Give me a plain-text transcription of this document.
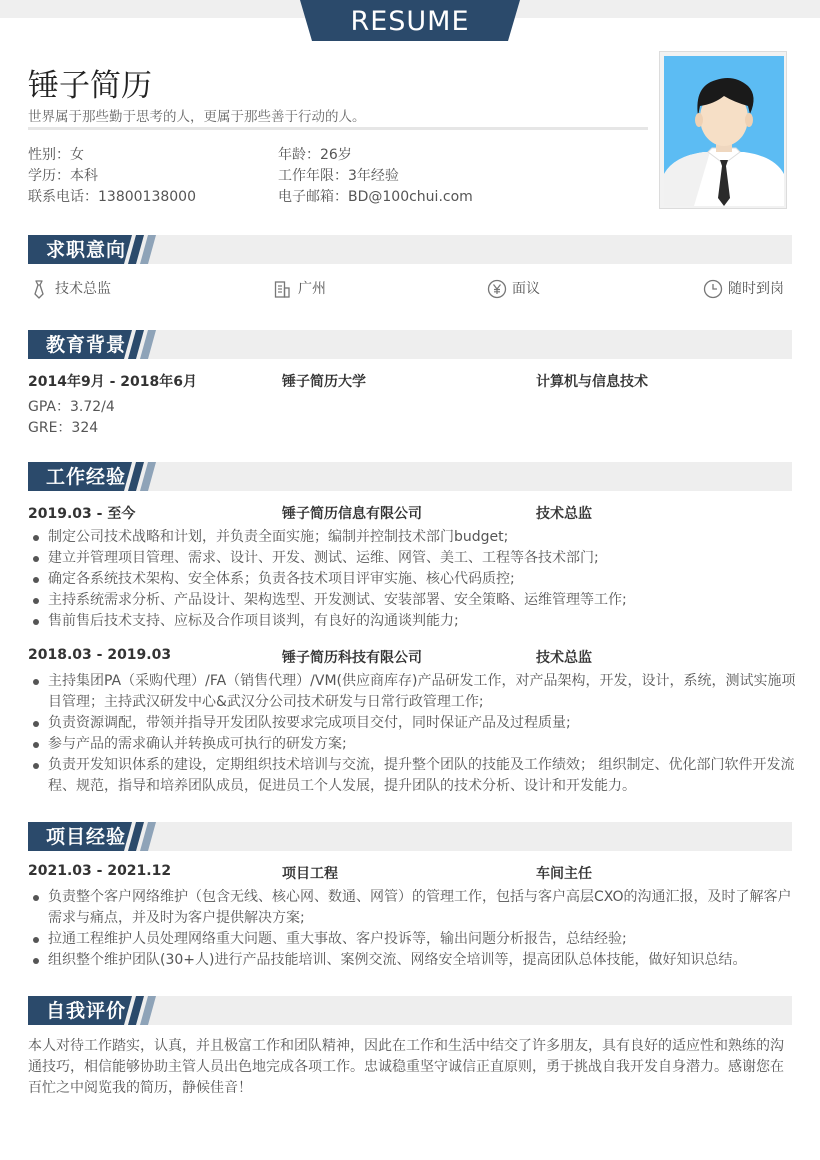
RESUME
锤子简历
世界属于那些勤于思考的人，更属于那些善于行动的人。
性别：女	年龄：26岁
学历：本科	工作年限：3年经验
联系电话：13800138000	电子邮箱：BD@100chui.com
求职意向
技术总监	广州	面议	随时到岗
教育背景
2014年9月 - 2018年6月	锤子简历大学	计算机与信息技术
GPA：3.72/4
GRE：324
工作经验
2019.03 - 至今	锤子简历信息有限公司	技术总监
制定公司技术战略和计划，并负责全面实施；编制并控制技术部门budget;
建立并管理项目管理、需求、设计、开发、测试、运维、网管、美工、工程等各技术部门;
确定各系统技术架构、安全体系；负责各技术项目评审实施、核心代码质控;
主持系统需求分析、产品设计、架构选型、开发测试、安装部署、安全策略、运维管理等工作;
售前售后技术支持、应标及合作项目谈判，有良好的沟通谈判能力;
2018.03 - 2019.03	锤子简历科技有限公司	技术总监
主持集团PA（采购代理）/FA（销售代理）/VM(供应商库存)产品研发工作，对产品架构，开发，设计，系统，测试实施项目管理；主持武汉研发中心&武汉分公司技术研发与日常行政管理工作;
负责资源调配，带领并指导开发团队按要求完成项目交付，同时保证产品及过程质量;
参与产品的需求确认并转换成可执行的研发方案;
负责开发知识体系的建设，定期组织技术培训与交流，提升整个团队的技能及工作绩效； 组织制定、优化部门软件开发流程、规范，指导和培养团队成员，促进员工个人发展，提升团队的技术分析、设计和开发能力。
项目经验
2021.03 - 2021.12	项目工程	车间主任
负责整个客户网络维护（包含无线、核心网、数通、网管）的管理工作，包括与客户高层CXO的沟通汇报，及时了解客户需求与痛点，并及时为客户提供解决方案;
拉通工程维护人员处理网络重大问题、重大事故、客户投诉等，输出问题分析报告，总结经验;
组织整个维护团队(30+人)进行产品技能培训、案例交流、网络安全培训等，提高团队总体技能，做好知识总结。
自我评价
本人对待工作踏实，认真，并且极富工作和团队精神，因此在工作和生活中结交了许多朋友，具有良好的适应性和熟练的沟通技巧，相信能够协助主管人员出色地完成各项工作。忠诚稳重坚守诚信正直原则，勇于挑战自我开发自身潜力。感谢您在百忙之中阅览我的简历，静候佳音！
